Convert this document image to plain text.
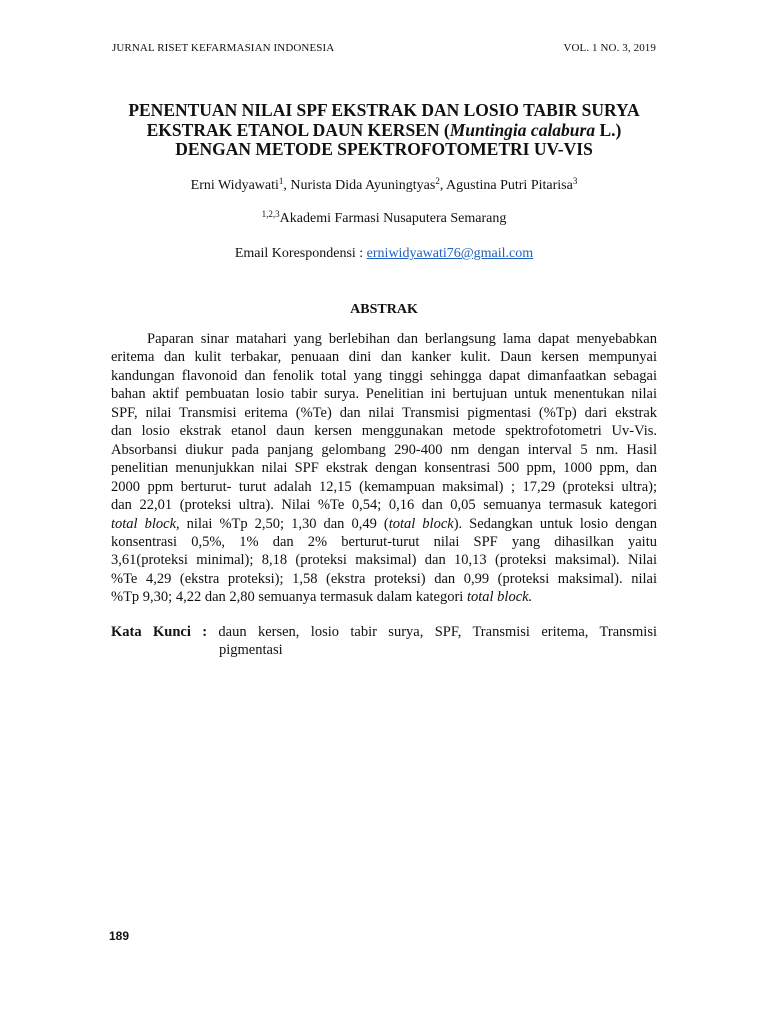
JURNAL RISET KEFARMASIAN INDONESIA	VOL. 1 NO. 3, 2019
PENENTUAN NILAI SPF EKSTRAK DAN LOSIO TABIR SURYA
EKSTRAK ETANOL DAUN KERSEN (Muntingia calabura L.)
DENGAN METODE SPEKTROFOTOMETRI UV-VIS
Erni Widyawati$^1$, Nurista Dida Ayuningtyas$^2$, Agustina Putri Pitarisa$^3$
$^{1,2,3}$Akademi Farmasi Nusaputera Semarang
Email Korespondensi : erniwidyawati76@gmail.com
ABSTRAK
Paparan sinar matahari yang berlebihan dan berlangsung lama dapat menyebabkan
eritema dan kulit terbakar, penuaan dini dan kanker kulit. Daun kersen mempunyai
kandungan flavonoid dan fenolik total yang tinggi sehingga dapat dimanfaatkan sebagai
bahan aktif pembuatan losio tabir surya. Penelitian ini bertujuan untuk menentukan nilai
SPF, nilai Transmisi eritema (%Te) dan nilai Transmisi pigmentasi (%Tp) dari ekstrak
dan losio ekstrak etanol daun kersen menggunakan metode spektrofotometri Uv-Vis.
Absorbansi diukur pada panjang gelombang 290-400 nm dengan interval 5 nm. Hasil
penelitian menunjukkan nilai SPF ekstrak dengan konsentrasi 500 ppm, 1000 ppm, dan
2000 ppm berturut- turut adalah 12,15 (kemampuan maksimal) ; 17,29 (proteksi ultra);
dan 22,01 (proteksi ultra). Nilai %Te 0,54; 0,16 dan 0,05 semuanya termasuk kategori
total block, nilai %Tp 2,50; 1,30 dan 0,49 (total block). Sedangkan untuk losio dengan
konsentrasi 0,5%, 1% dan 2% berturut-turut nilai SPF yang dihasilkan yaitu
3,61(proteksi minimal); 8,18 (proteksi maksimal) dan 10,13 (proteksi maksimal). Nilai
%Te 4,29 (ekstra proteksi); 1,58 (ekstra proteksi) dan 0,99 (proteksi maksimal). nilai
%Tp 9,30; 4,22 dan 2,80 semuanya termasuk dalam kategori total block.
Kata Kunci : daun kersen, losio tabir surya, SPF, Transmisi eritema, Transmisi
pigmentasi
189
